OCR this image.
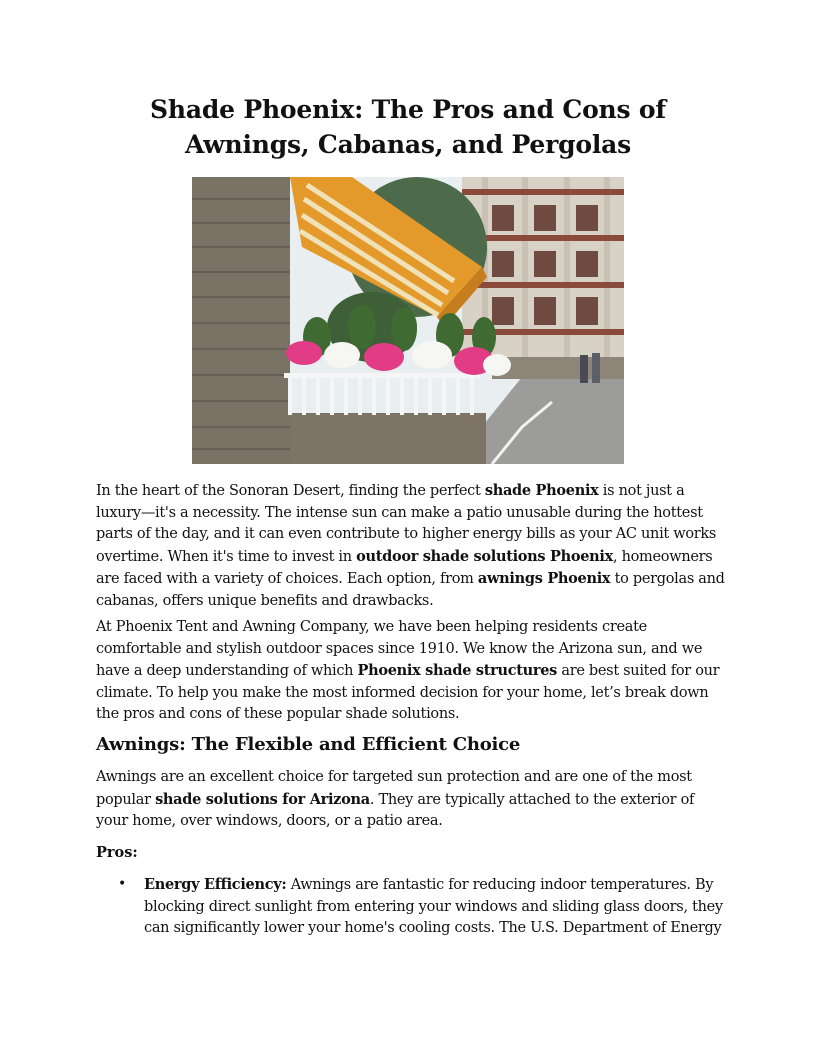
Shade Phoenix: The Pros and Cons of
Awnings, Cabanas, and Pergolas

In the heart of the Sonoran Desert, finding the perfect shade Phoenix is not just a luxury—it's a necessity. The intense sun can make a patio unusable during the hottest parts of the day, and it can even contribute to higher energy bills as your AC unit works overtime. When it's time to invest in outdoor shade solutions Phoenix, homeowners are faced with a variety of choices. Each option, from awnings Phoenix to pergolas and cabanas, offers unique benefits and drawbacks.

At Phoenix Tent and Awning Company, we have been helping residents create comfortable and stylish outdoor spaces since 1910. We know the Arizona sun, and we have a deep understanding of which Phoenix shade structures are best suited for our climate. To help you make the most informed decision for your home, let’s break down the pros and cons of these popular shade solutions.

Awnings: The Flexible and Efficient Choice

Awnings are an excellent choice for targeted sun protection and are one of the most popular shade solutions for Arizona. They are typically attached to the exterior of your home, over windows, doors, or a patio area.

Pros:

• Energy Efficiency: Awnings are fantastic for reducing indoor temperatures. By blocking direct sunlight from entering your windows and sliding glass doors, they can significantly lower your home's cooling costs. The U.S. Department of Energy
